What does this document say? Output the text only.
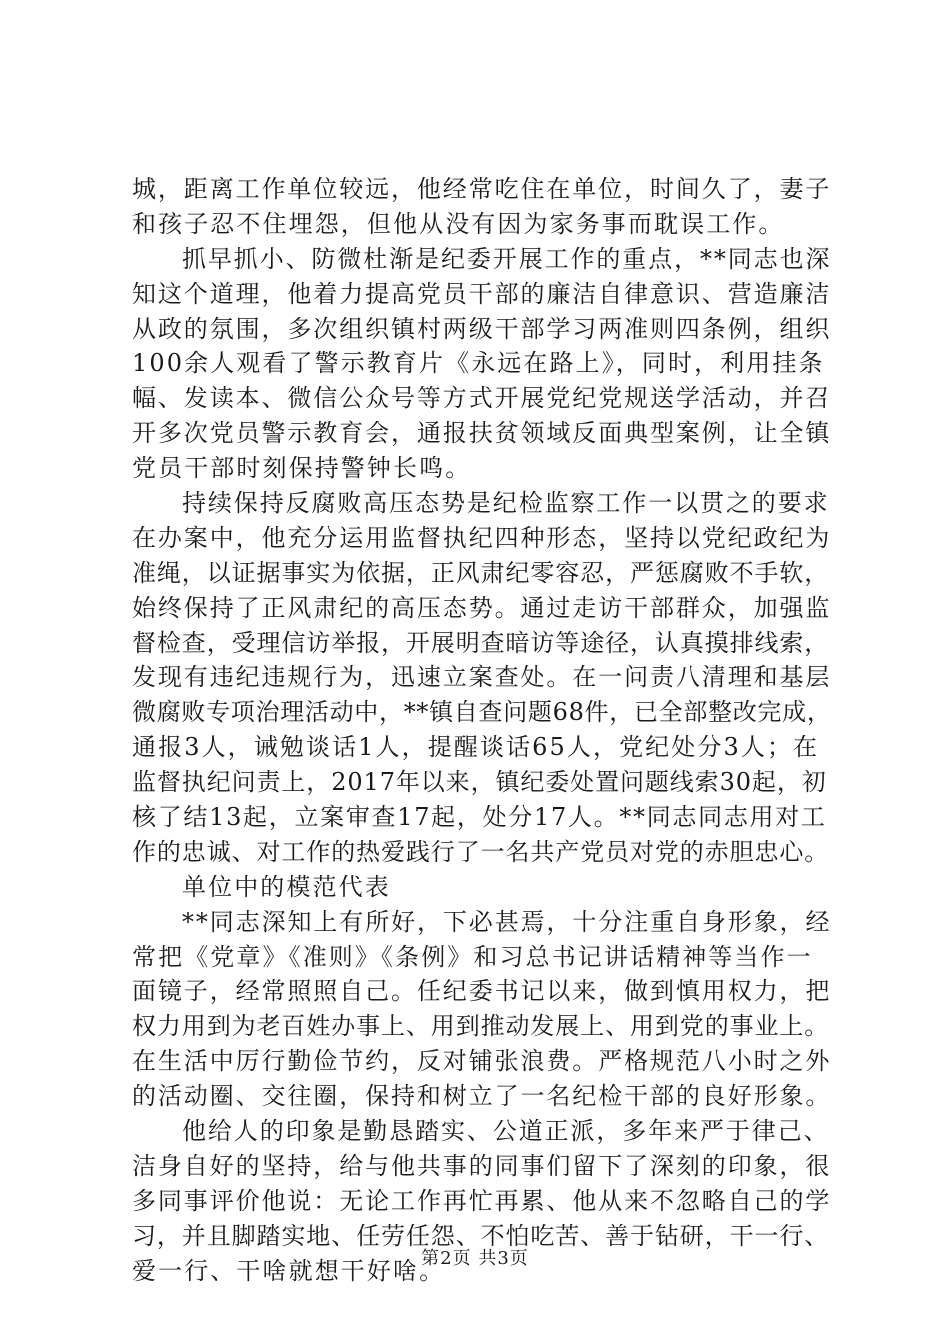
城，距离工作单位较远，他经常吃住在单位，时间久了，妻子
和孩子忍不住埋怨，但他从没有因为家务事而耽误工作。
抓早抓小、防微杜渐是纪委开展工作的重点，**同志也深
知这个道理，他着力提高党员干部的廉洁自律意识、营造廉洁
从政的氛围，多次组织镇村两级干部学习两准则四条例，组织
100余人观看了警示教育片《永远在路上》，同时，利用挂条
幅、发读本、微信公众号等方式开展党纪党规送学活动，并召
开多次党员警示教育会，通报扶贫领域反面典型案例，让全镇
党员干部时刻保持警钟长鸣。
持续保持反腐败高压态势是纪检监察工作一以贯之的要求
在办案中，他充分运用监督执纪四种形态，坚持以党纪政纪为
准绳，以证据事实为依据，正风肃纪零容忍，严惩腐败不手软，
始终保持了正风肃纪的高压态势。通过走访干部群众，加强监
督检查，受理信访举报，开展明查暗访等途径，认真摸排线索，
发现有违纪违规行为，迅速立案查处。在一问责八清理和基层
微腐败专项治理活动中，**镇自查问题68件，已全部整改完成，
通报3人，诫勉谈话1人，提醒谈话65人，党纪处分3人；在
监督执纪问责上，2017年以来，镇纪委处置问题线索30起，初
核了结13起，立案审查17起，处分17人。**同志同志用对工
作的忠诚、对工作的热爱践行了一名共产党员对党的赤胆忠心。
单位中的模范代表
**同志深知上有所好，下必甚焉，十分注重自身形象，经
常把《党章》《准则》《条例》和习总书记讲话精神等当作一
面镜子，经常照照自己。任纪委书记以来，做到慎用权力，把
权力用到为老百姓办事上、用到推动发展上、用到党的事业上。
在生活中厉行勤俭节约，反对铺张浪费。严格规范八小时之外
的活动圈、交往圈，保持和树立了一名纪检干部的良好形象。
他给人的印象是勤恳踏实、公道正派，多年来严于律己、
洁身自好的坚持，给与他共事的同事们留下了深刻的印象，很
多同事评价他说：无论工作再忙再累、他从来不忽略自己的学
习，并且脚踏实地、任劳任怨、不怕吃苦、善于钻研，干一行、
爱一行、干啥就想干好啥。
第2页 共3页
